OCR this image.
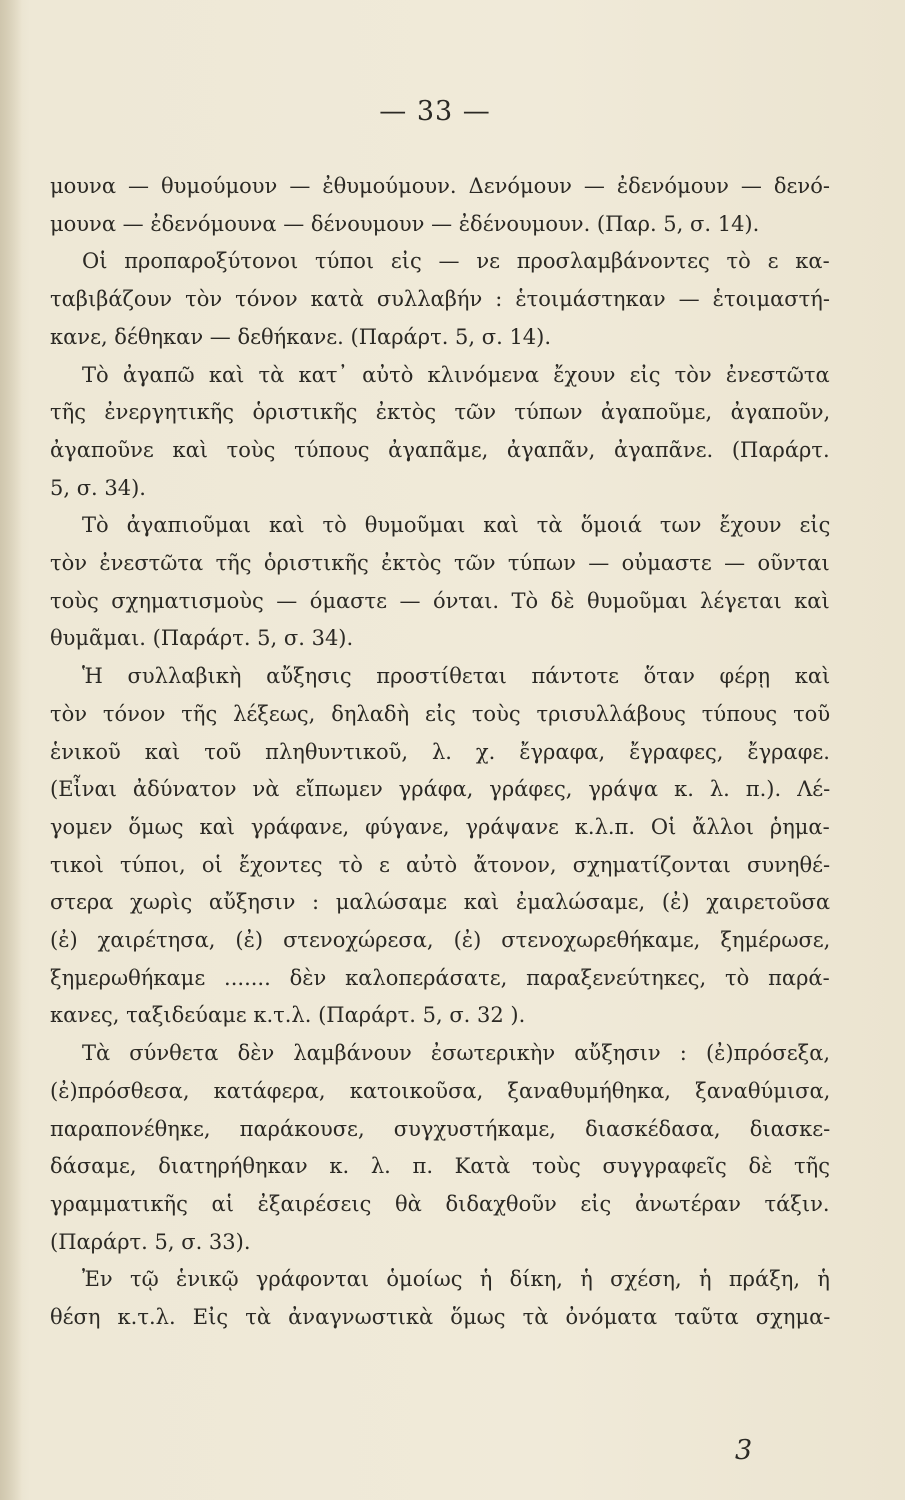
— 33 —
μουνα — θυμούμουν — ἐθυμούμουν. Δενόμουν — ἐδενόμουν — δενό-
μουνα — ἐδενόμουνα — δένουμουν — ἐδένουμουν. (Παρ. 5, σ. 14).
Οἱ προπαροξύτονοι τύποι εἰς — νε προσλαμβάνοντες τὸ ε κα-
ταβιβάζουν τὸν τόνον κατὰ συλλαβήν : ἑτοιμάστηκαν — ἑτοιμαστή-
κανε, δέθηκαν — δεθήκανε. (Παράρτ. 5, σ. 14).
Τὸ ἀγαπῶ καὶ τὰ κατ᾽ αὐτὸ κλινόμενα ἔχουν εἰς τὸν ἐνεστῶτα
τῆς ἐνεργητικῆς ὁριστικῆς ἐκτὸς τῶν τύπων ἀγαποῦμε, ἀγαποῦν,
ἀγαποῦνε καὶ τοὺς τύπους ἀγαπᾶμε, ἀγαπᾶν, ἀγαπᾶνε. (Παράρτ.
5, σ. 34).
Τὸ ἀγαπιοῦμαι καὶ τὸ θυμοῦμαι καὶ τὰ ὅμοιά των ἔχουν εἰς
τὸν ἐνεστῶτα τῆς ὁριστικῆς ἐκτὸς τῶν τύπων — οὐμαστε — οῦνται
τοὺς σχηματισμοὺς — όμαστε — όνται. Τὸ δὲ θυμοῦμαι λέγεται καὶ
θυμᾶμαι. (Παράρτ. 5, σ. 34).
Ἡ συλλαβικὴ αὔξησις προστίθεται πάντοτε ὅταν φέρῃ καὶ
τὸν τόνον τῆς λέξεως, δηλαδὴ εἰς τοὺς τρισυλλάβους τύπους τοῦ
ἑνικοῦ καὶ τοῦ πληθυντικοῦ, λ. χ. ἔγραφα, ἔγραφες, ἔγραφε.
(Εἶναι ἀδύνατον νὰ εἴπωμεν γράφα, γράφες, γράψα κ. λ. π.). Λέ-
γομεν ὅμως καὶ γράφανε, φύγανε, γράψανε κ.λ.π. Οἱ ἄλλοι ῥημα-
τικοὶ τύποι, οἱ ἔχοντες τὸ ε αὐτὸ ἄτονον, σχηματίζονται συνηθέ-
στερα χωρὶς αὔξησιν : μαλώσαμε καὶ ἐμαλώσαμε, (ἐ) χαιρετοῦσα
(ἐ) χαιρέτησα, (ἐ) στενοχώρεσα, (ἐ) στενοχωρεθήκαμε, ξημέρωσε,
ξημερωθήκαμε ....... δὲν καλοπεράσατε, παραξενεύτηκες, τὸ παρά-
κανες, ταξιδεύαμε κ.τ.λ. (Παράρτ. 5, σ. 32 ).
Τὰ σύνθετα δὲν λαμβάνουν ἐσωτερικὴν αὔξησιν : (ἐ)πρόσεξα,
(ἐ)πρόσθεσα, κατάφερα, κατοικοῦσα, ξαναθυμήθηκα, ξαναθύμισα,
παραπονέθηκε, παράκουσε, συγχυστήκαμε, διασκέδασα, διασκε-
δάσαμε, διατηρήθηκαν κ. λ. π. Κατὰ τοὺς συγγραφεῖς δὲ τῆς
γραμματικῆς αἱ ἐξαιρέσεις θὰ διδαχθοῦν εἰς ἀνωτέραν τάξιν.
(Παράρτ. 5, σ. 33).
Ἐν τῷ ἑνικῷ γράφονται ὁμοίως ἡ δίκη, ἡ σχέση, ἡ πράξη, ἡ
θέση κ.τ.λ. Εἰς τὰ ἀναγνωστικὰ ὅμως τὰ ὀνόματα ταῦτα σχημα-
3
